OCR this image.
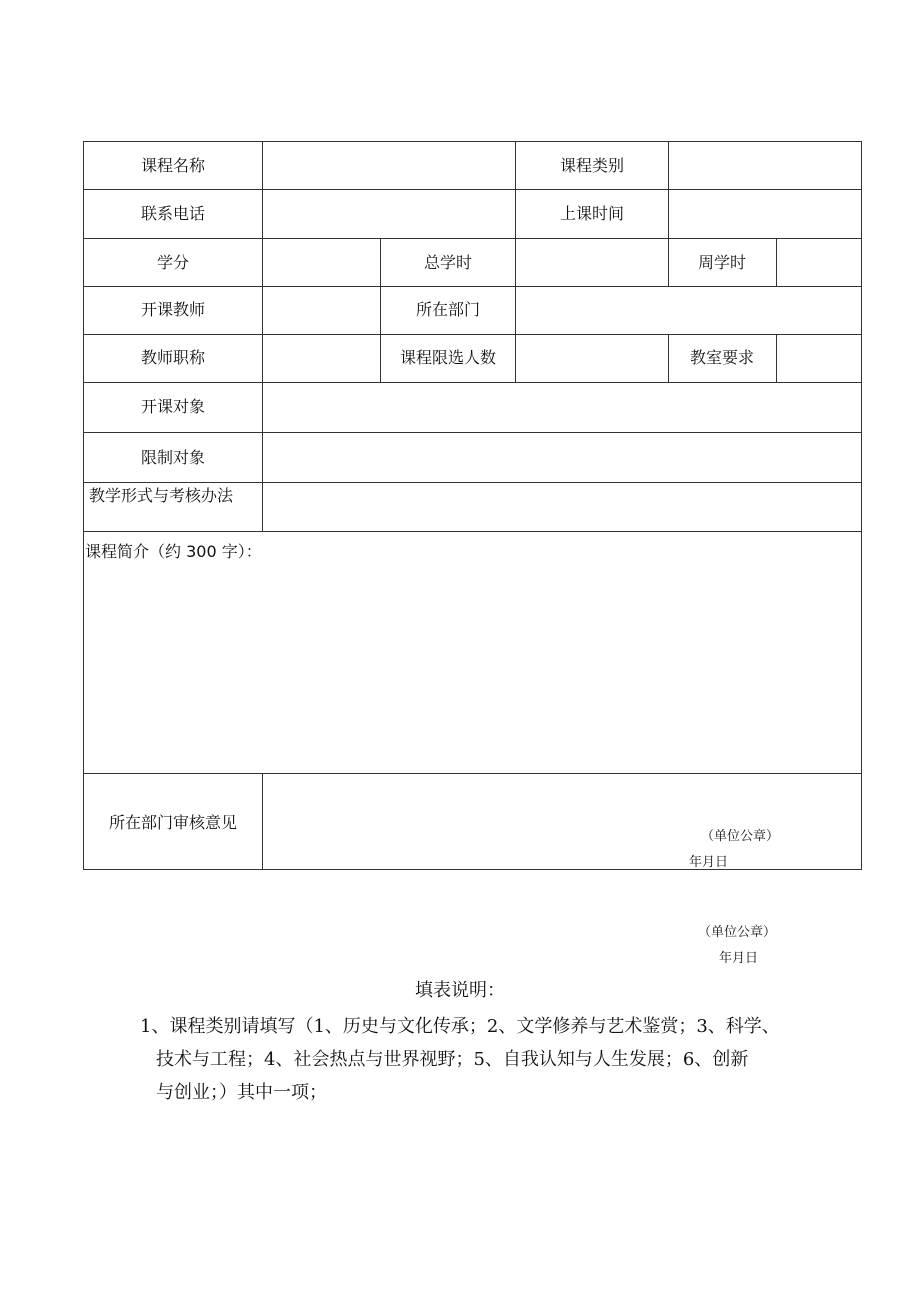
课程名称	课程类别
联系电话	上课时间
学分	总学时	周学时
开课教师	所在部门
教师职称	课程限选人数	教室要求
开课对象
限制对象
教学形式与考核办法
课程简介（约 300 字）：
所在部门审核意见
（单位公章）
年月日
（单位公章）
年月日
填表说明：
1、课程类别请填写（1、历史与文化传承；2、文学修养与艺术鉴赏；3、科学、
技术与工程；4、社会热点与世界视野；5、自我认知与人生发展；6、创新
与创业；）其中一项；
